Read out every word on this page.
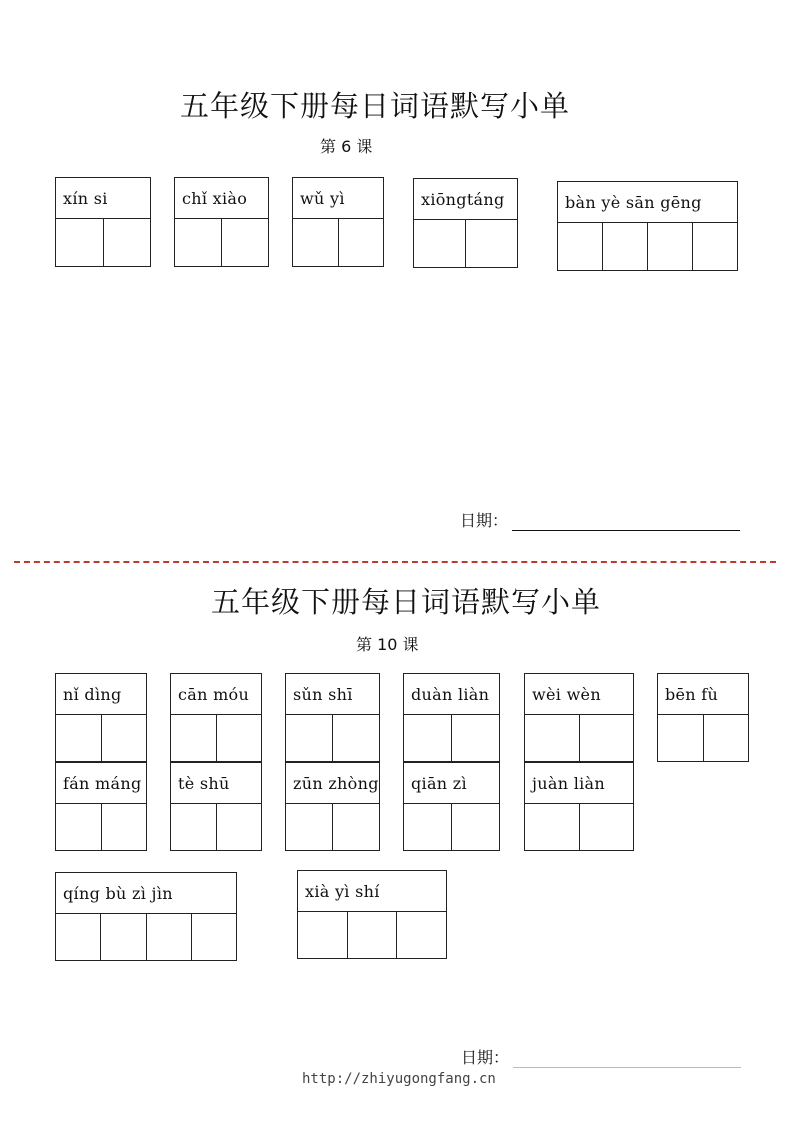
五年级下册每日词语默写小单
第 6 课
xín si	chǐ xiào	wǔ yì	xiōngtáng	bàn yè sān gēng
日期：
五年级下册每日词语默写小单
第 10 课
nǐ dìng	cān móu	sǔn shī	duàn liàn	wèi wèn	bēn fù
fán máng	tè shū	zūn zhòng	qiān zì	juàn liàn
qíng bù zì jìn	xià yì shí
日期：
http://zhiyugongfang.cn
